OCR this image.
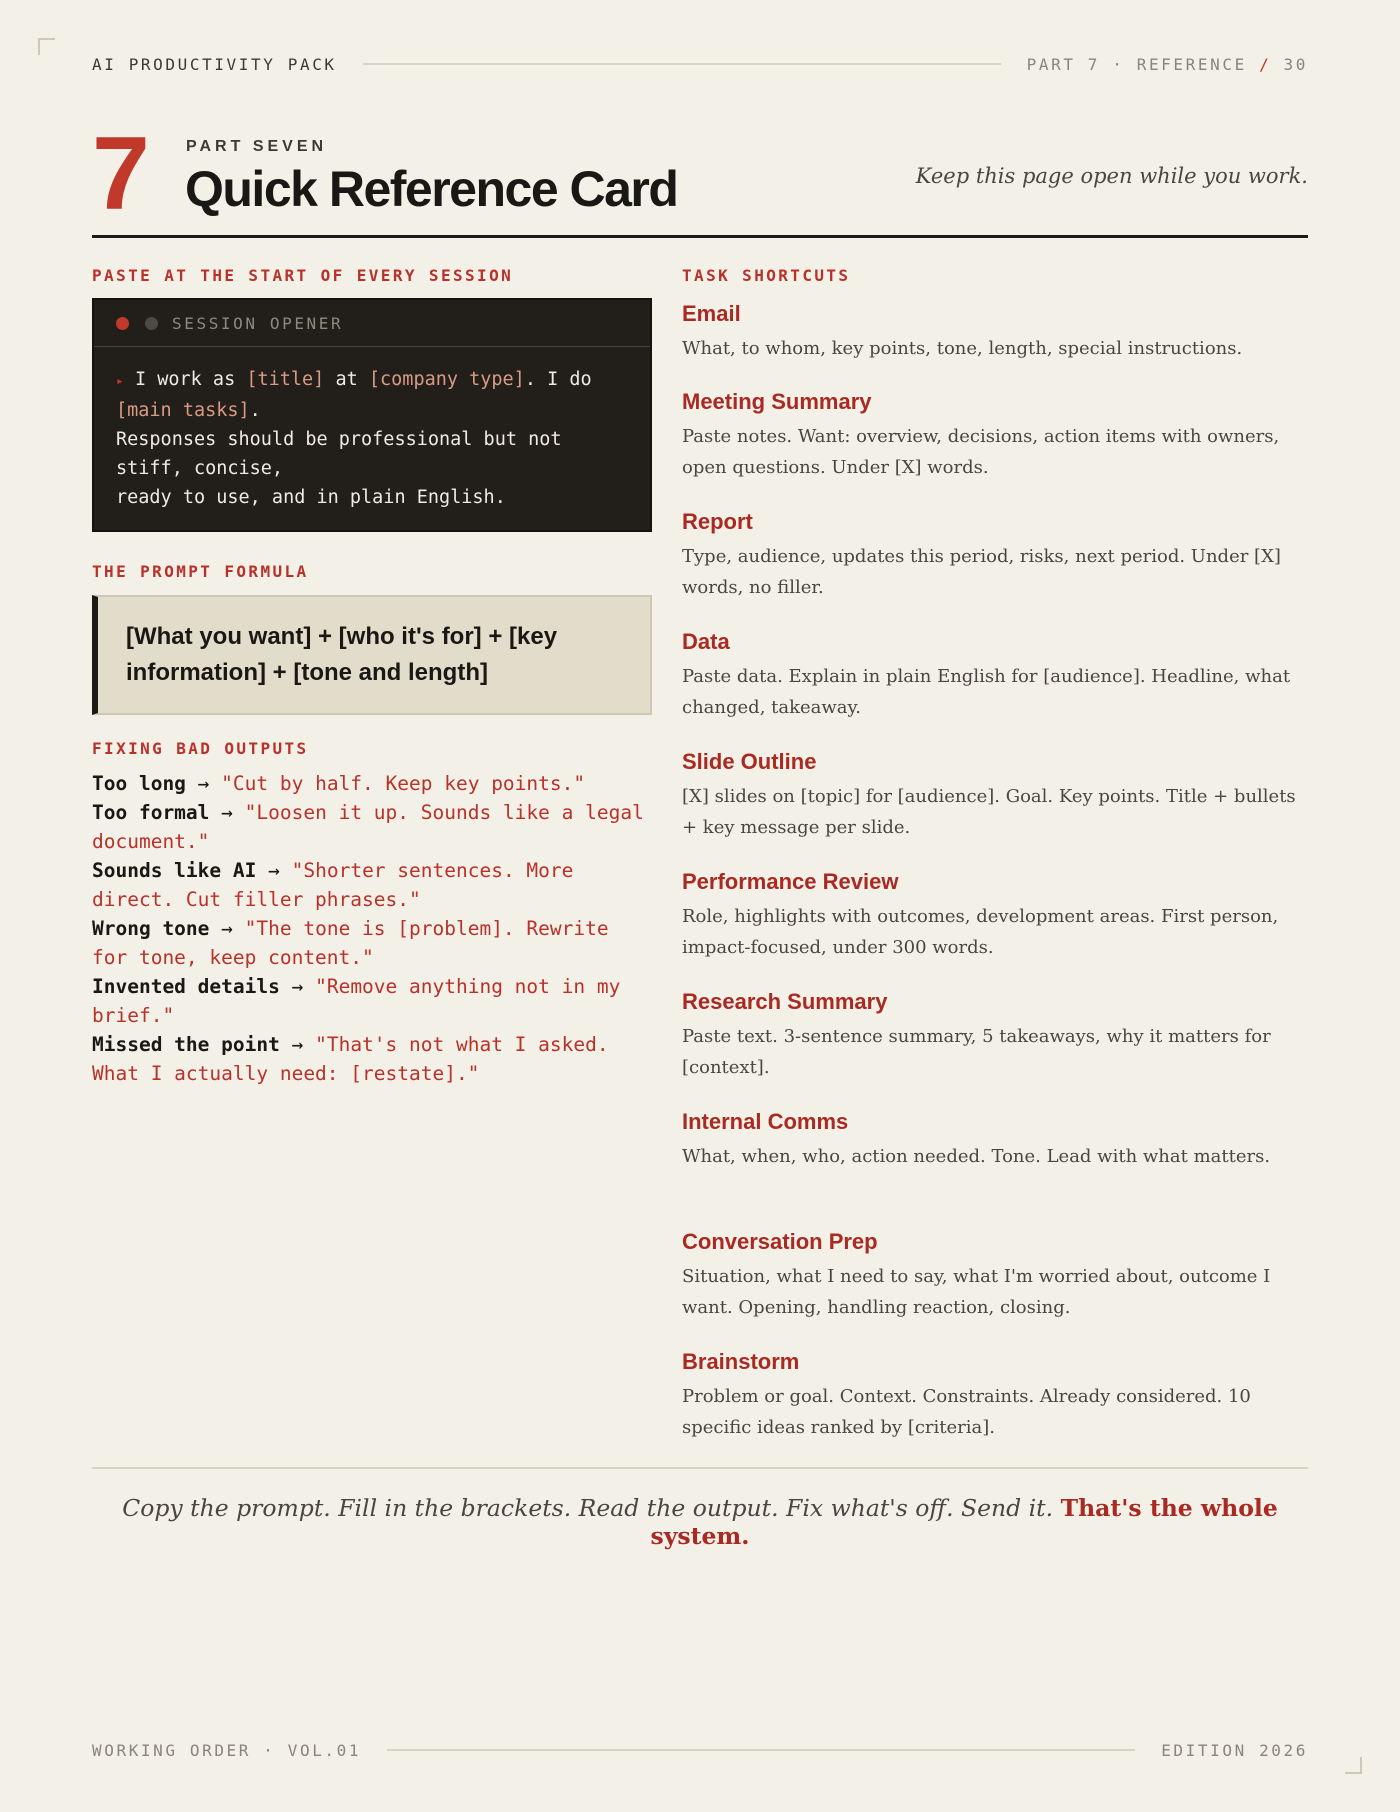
AI PRODUCTIVITY PACK	PART 7 · REFERENCE / 30
7	PART SEVEN
Quick Reference Card	Keep this page open while you work.
PASTE AT THE START OF EVERY SESSION
SESSION OPENER
▸ I work as [title] at [company type]. I do
[main tasks].
Responses should be professional but not
stiff, concise,
ready to use, and in plain English.
THE PROMPT FORMULA
[What you want] + [who it's for] + [key
information] + [tone and length]
FIXING BAD OUTPUTS

Too long → "Cut by half. Keep key points."

Too formal → "Loosen it up. Sounds like a legal document."

Sounds like AI → "Shorter sentences. More direct. Cut filler phrases."

Wrong tone → "The tone is [problem]. Rewrite for tone, keep content."

Invented details → "Remove anything not in my brief."

Missed the point → "That's not what I asked. What I actually need: [restate]."

TASK SHORTCUTS
Email
What, to whom, key points, tone, length, special instructions.
Meeting Summary
Paste notes. Want: overview, decisions, action items with owners, open questions. Under [X] words.
Report
Type, audience, updates this period, risks, next period. Under [X] words, no filler.
Data
Paste data. Explain in plain English for [audience]. Headline, what changed, takeaway.
Slide Outline
[X] slides on [topic] for [audience]. Goal. Key points. Title + bullets + key message per slide.
Performance Review
Role, highlights with outcomes, development areas. First person, impact-focused, under 300 words.
Research Summary
Paste text. 3-sentence summary, 5 takeaways, why it matters for [context].
Internal Comms
What, when, who, action needed. Tone. Lead with what matters.
Conversation Prep
Situation, what I need to say, what I'm worried about, outcome I want. Opening, handling reaction, closing.
Brainstorm
Problem or goal. Context. Constraints. Already considered. 10 specific ideas ranked by [criteria].
Copy the prompt. Fill in the brackets. Read the output. Fix what's off. Send it. That's the whole system.
WORKING ORDER · VOL.01	EDITION 2026
